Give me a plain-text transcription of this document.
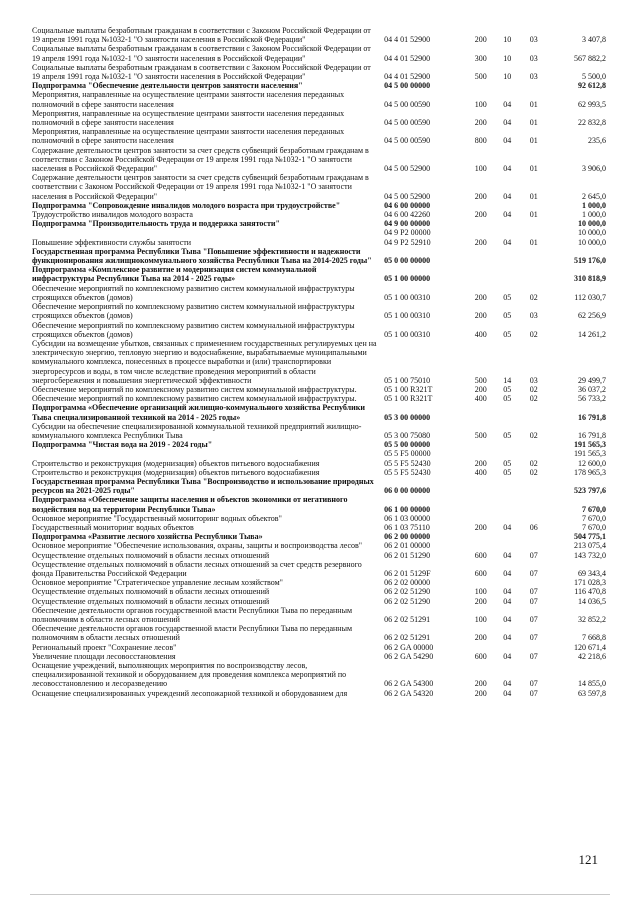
Социальные выплаты безработным гражданам в соответствии с Законом Российской Федерации от 19 апреля 1991 года №1032-1 "О занятости населения в Российской Федерации"	04 4 01 52900	200	10	03	3 407,8
Социальные выплаты безработным гражданам в соответствии с Законом Российской Федерации от 19 апреля 1991 года №1032-1 "О занятости населения в Российской Федерации"	04 4 01 52900	300	10	03	567 882,2
Социальные выплаты безработным гражданам в соответствии с Законом Российской Федерации от 19 апреля 1991 года №1032-1 "О занятости населения в Российской Федерации"	04 4 01 52900	500	10	03	5 500,0
Подпрограмма "Обеспечение деятельности центров занятости населения"	04 5 00 00000				92 612,8
Мероприятия, направленные на осуществление центрами занятости населения переданных полномочий в сфере занятости населения	04 5 00 00590	100	04	01	62 993,5
Мероприятия, направленные на осуществление центрами занятости населения переданных полномочий в сфере занятости населения	04 5 00 00590	200	04	01	22 832,8
Мероприятия, направленные на осуществление центрами занятости населения переданных полномочий в сфере занятости населения	04 5 00 00590	800	04	01	235,6
Содержание деятельности центров занятости за счет средств субвенций безработным гражданам в соответствии с Законом Российской Федерации от 19 апреля 1991 года №1032-1 "О занятости населения в Российской Федерации"	04 5 00 52900	100	04	01	3 906,0
Содержание деятельности центров занятости за счет средств субвенций безработным гражданам в соответствии с Законом Российской Федерации от 19 апреля 1991 года №1032-1 "О занятости населения в Российской Федерации"	04 5 00 52900	200	04	01	2 645,0
Подпрограмма "Сопровождение инвалидов молодого возраста при трудоустройстве"	04 6 00 00000				1 000,0
Трудоустройство инвалидов молодого возраста	04 6 00 42260	200	04	01	1 000,0
Подпрограмма "Производительность труда и поддержка занятости"	04 9 00 00000				10 000,0
	04 9 P2 00000				10 000,0
Повышение эффективности службы занятости	04 9 P2 52910	200	04	01	10 000,0
Государственная программа Республики Тыва "Повышение эффективности и надежности функционирования жилищнокоммунального хозяйства Республики Тыва на 2014-2025 годы"	05 0 00 00000				519 176,0
Подпрограмма «Комплексное развитие и модернизация систем коммунальной инфраструктуры Республики Тыва на 2014 - 2025 годы»	05 1 00 00000				310 818,9
Обеспечение мероприятий по комплексному развитию систем коммунальной инфраструктуры строящихся объектов (домов)	05 1 00 00310	200	05	02	112 030,7
Обеспечение мероприятий по комплексному развитию систем коммунальной инфраструктуры строящихся объектов (домов)	05 1 00 00310	200	05	03	62 256,9
Обеспечение мероприятий по комплексному развитию систем коммунальной инфраструктуры строящихся объектов (домов)	05 1 00 00310	400	05	02	14 261,2
Субсидии на возмещение убытков, связанных с применением государственных регулируемых цен на электрическую энергию, тепловую энергию и водоснабжение, вырабатываемые муниципальными коммунального комплекса, понесенных в процессе выработки и (или) транспортировки энергоресурсов и воды, в том числе вследствие проведения мероприятий в области энергосбережения и повышения энергетической эффективности	05 1 00 75010	500	14	03	29 499,7
Обеспечение мероприятий по комплексному развитию систем коммунальной инфраструктуры.	05 1 00 R321T	200	05	02	36 037,2
Обеспечение мероприятий по комплексному развитию систем коммунальной инфраструктуры.	05 1 00 R321T	400	05	02	56 733,2
Подпрограмма «Обеспечение организаций жилищно-коммунального хозяйства Республики Тыва специализированной техникой на 2014 - 2025 годы»	05 3 00 00000				16 791,8
Субсидии на обеспечение специализированной коммунальной техникой предприятий жилищно-коммунального комплекса Республики Тыва	05 3 00 75080	500	05	02	16 791,8
Подпрограмма "Чистая вода на 2019 - 2024 годы"	05 5 00 00000				191 565,3
	05 5 F5 00000				191 565,3
Строительство и реконструкция (модернизация) объектов питьевого водоснабжения	05 5 F5 52430	200	05	02	12 600,0
Строительство и реконструкция (модернизация) объектов питьевого водоснабжения	05 5 F5 52430	400	05	02	178 965,3
Государственная программа Республики Тыва "Воспроизводство и использование природных ресурсов на 2021-2025 годы"	06 0 00 00000				523 797,6
Подпрограмма «Обеспечение защиты населения и объектов экономики от негативного воздействия вод на территории Республики Тыва»	06 1 00 00000				7 670,0
Основное мероприятие "Государственный мониторинг водных объектов"	06 1 03 00000				7 670,0
Государственный мониторинг водных объектов	06 1 03 75110	200	04	06	7 670,0
Подпрограмма «Развитие лесного хозяйства Республики Тыва»	06 2 00 00000				504 775,1
Основное мероприятие "Обеспечение использования, охраны, защиты и воспроизводства лесов"	06 2 01 00000				213 075,4
Осуществление отдельных полномочий в области лесных отношений	06 2 01 51290	600	04	07	143 732,0
Осуществление отдельных полномочий в области лесных отношений за счет средств резервного фонда Правительства Российской Федерации	06 2 01 5129F	600	04	07	69 343,4
Основное мероприятие "Стратегическое управление лесным хозяйством"	06 2 02 00000				171 028,3
Осуществление отдельных полномочий в области лесных отношений	06 2 02 51290	100	04	07	116 470,8
Осуществление отдельных полномочий в области лесных отношений	06 2 02 51290	200	04	07	14 036,5
Обеспечение деятельности органов государственной власти Республики Тыва по переданным полномочиям в области лесных отношений	06 2 02 51291	100	04	07	32 852,2
Обеспечение деятельности органов государственной власти Республики Тыва по переданным полномочиям в области лесных отношений	06 2 02 51291	200	04	07	7 668,8
Региональный проект "Сохранение лесов"	06 2 GA 00000				120 671,4
Увеличение площади лесовосстановления	06 2 GA 54290	600	04	07	42 218,6
Оснащение учреждений, выполняющих мероприятия по воспроизводству лесов, специализированной техникой и оборудованием для проведения комплекса мероприятий по лесовосстановлению и лесоразведению	06 2 GA 54300	200	04	07	14 855,0
Оснащение специализированных учреждений лесопожарной техникой и оборудованием для	06 2 GA 54320	200	04	07	63 597,8
121
